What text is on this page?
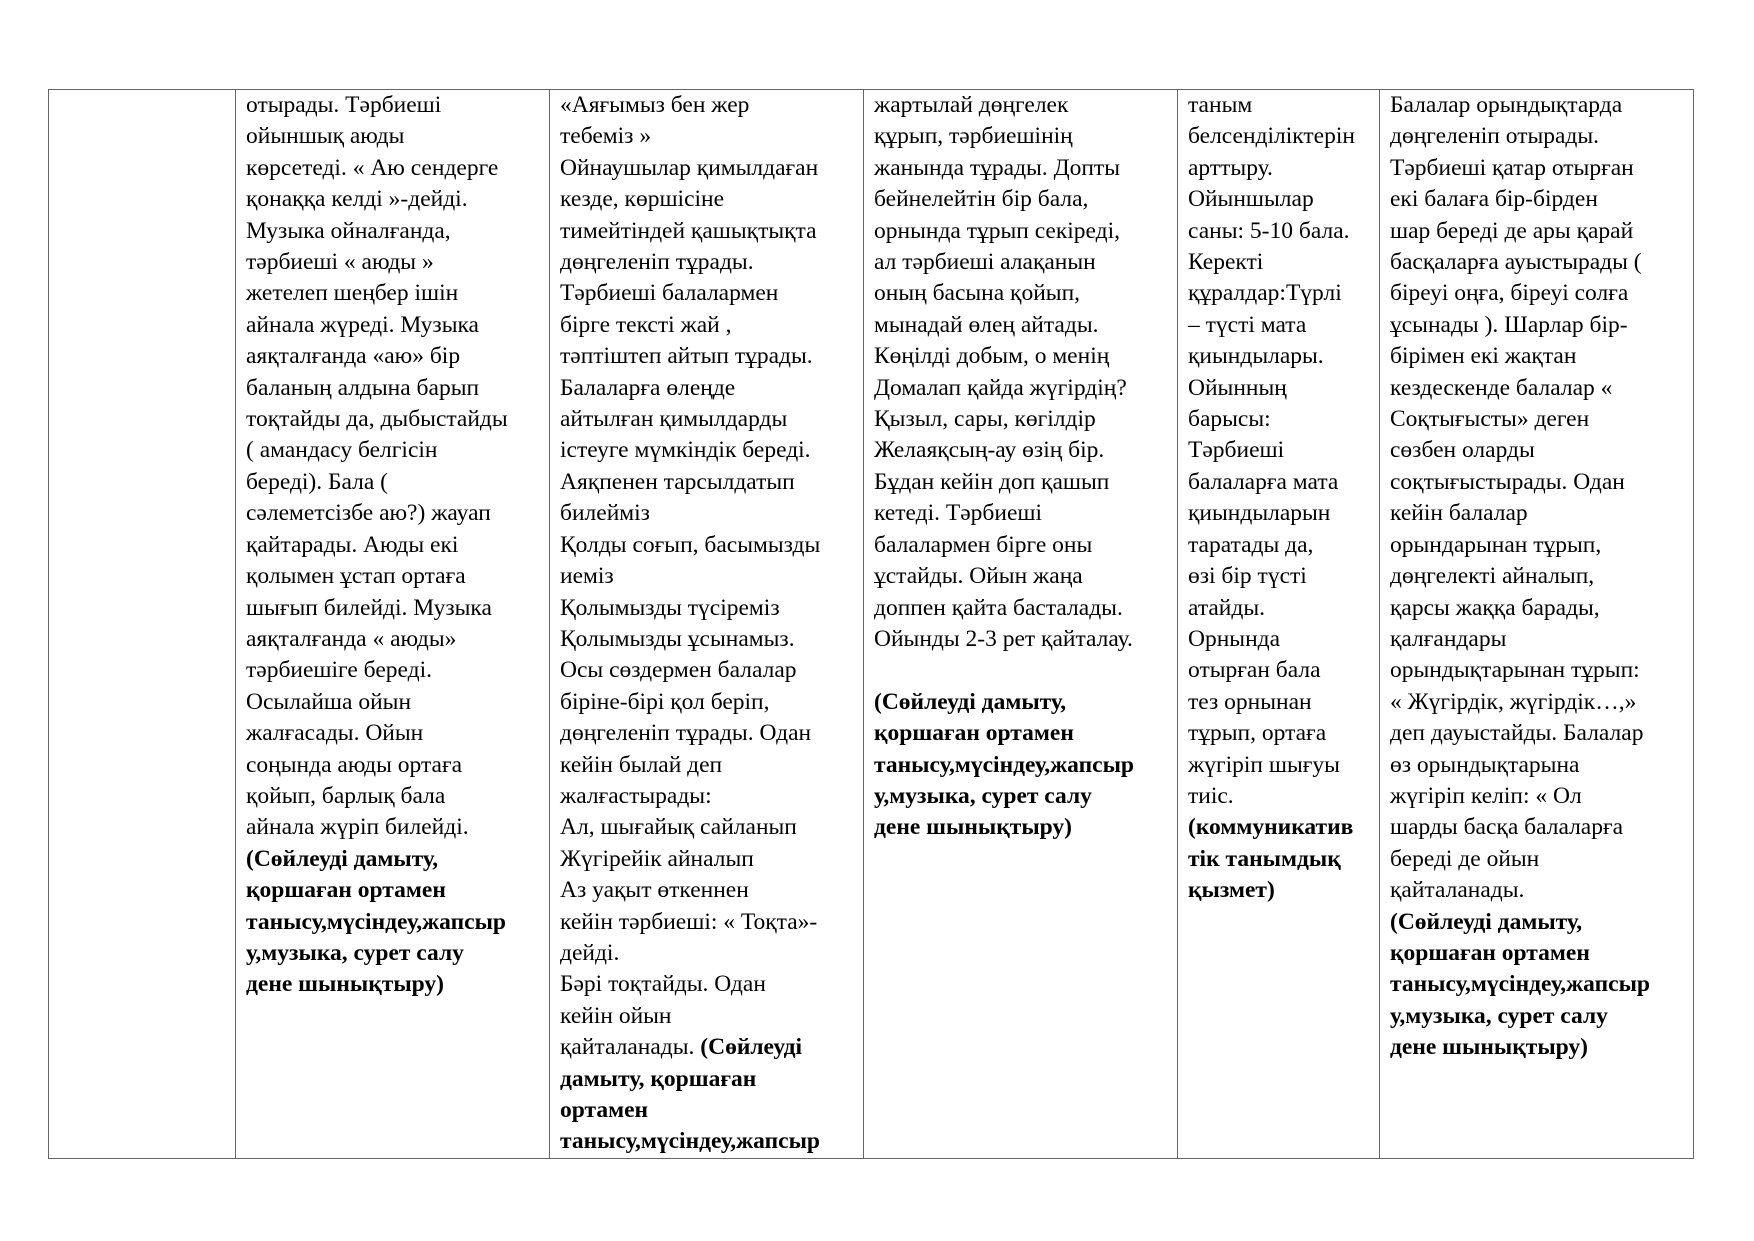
отырады. Тәрбиеші
ойыншық аюды
көрсетеді. « Аю сендерге
қонаққа келді »-дейді.
Музыка ойналғанда,
тәрбиеші « аюды »
жетелеп шеңбер ішін
айнала жүреді. Музыка
аяқталғанда «аю» бір
баланың алдына барып
тоқтайды да, дыбыстайды
( амандасу белгісін
береді). Бала (
сәлеметсізбе аю?) жауап
қайтарады. Аюды екі
қолымен ұстап ортаға
шығып билейді. Музыка
аяқталғанда « аюды»
тәрбиешіге береді.
Осылайша ойын
жалғасады. Ойын
соңында аюды ортаға
қойып, барлық бала
айнала жүріп билейді.
(Сөйлеуді дамыту,
қоршаған ортамен
танысу,мүсіндеу,жапсыр
у,музыка, сурет салу
дене шынықтыру)

«Аяғымыз бен жер
тебеміз »
Ойнаушылар қимылдаған
кезде, көршісіне
тимейтіндей қашықтықта
дөңгеленіп тұрады.
Тәрбиеші балалармен
бірге тексті жай ,
тәптіштеп айтып тұрады.
Балаларға өлеңде
айтылған қимылдарды
істеуге мүмкіндік береді.
Аяқпенен тарсылдатып
билейміз
Қолды соғып, басымызды
иеміз
Қолымызды түсіреміз
Қолымызды ұсынамыз.
Осы сөздермен балалар
біріне-бірі қол беріп,
дөңгеленіп тұрады. Одан
кейін былай деп
жалғастырады:
Ал, шығайық сайланып
Жүгірейік айналып
Аз уақыт өткеннен
кейін тәрбиеші: « Тоқта»-
дейді.
Бәрі тоқтайды. Одан
кейін ойын
қайталанады. (Сөйлеуді
дамыту, қоршаған
ортамен
танысу,мүсіндеу,жапсыр

жартылай дөңгелек
құрып, тәрбиешінің
жанында тұрады. Допты
бейнелейтін бір бала,
орнында тұрып секіреді,
ал тәрбиеші алақанын
оның басына қойып,
мынадай өлең айтады.
Көңілді добым, о менің
Домалап қайда жүгірдің?
Қызыл, сары, көгілдір
Желаяқсың-ау өзің бір.
Бұдан кейін доп қашып
кетеді. Тәрбиеші
балалармен бірге оны
ұстайды. Ойын жаңа
доппен қайта басталады.
Ойынды 2-3 рет қайталау.
(Сөйлеуді дамыту,
қоршаған ортамен
танысу,мүсіндеу,жапсыр
у,музыка, сурет салу
дене шынықтыру)

таным
белсенділіктерін
арттыру.
Ойыншылар
саны: 5-10 бала.
Керекті
құралдар:Түрлі
– түсті мата
қиындылары.
Ойынның
барысы:
Тәрбиеші
балаларға мата
қиындыларын
таратады да,
өзі бір түсті
атайды.
Орнында
отырған бала
тез орнынан
тұрып, ортаға
жүгіріп шығуы
тиіс.
(коммуникатив
тік танымдық
қызмет)

Балалар орындықтарда
дөңгеленіп отырады.
Тәрбиеші қатар отырған
екі балаға бір-бірден
шар береді де ары қарай
басқаларға ауыстырады (
біреуі оңға, біреуі солға
ұсынады ). Шарлар бір-
бірімен екі жақтан
кездескенде балалар «
Соқтығысты» деген
сөзбен оларды
соқтығыстырады. Одан
кейін балалар
орындарынан тұрып,
дөңгелекті айналып,
қарсы жаққа барады,
қалғандары
орындықтарынан тұрып:
« Жүгірдік, жүгірдік…,»
деп дауыстайды. Балалар
өз орындықтарына
жүгіріп келіп: « Ол
шарды басқа балаларға
береді де ойын
қайталанады.
(Сөйлеуді дамыту,
қоршаған ортамен
танысу,мүсіндеу,жапсыр
у,музыка, сурет салу
дене шынықтыру)
